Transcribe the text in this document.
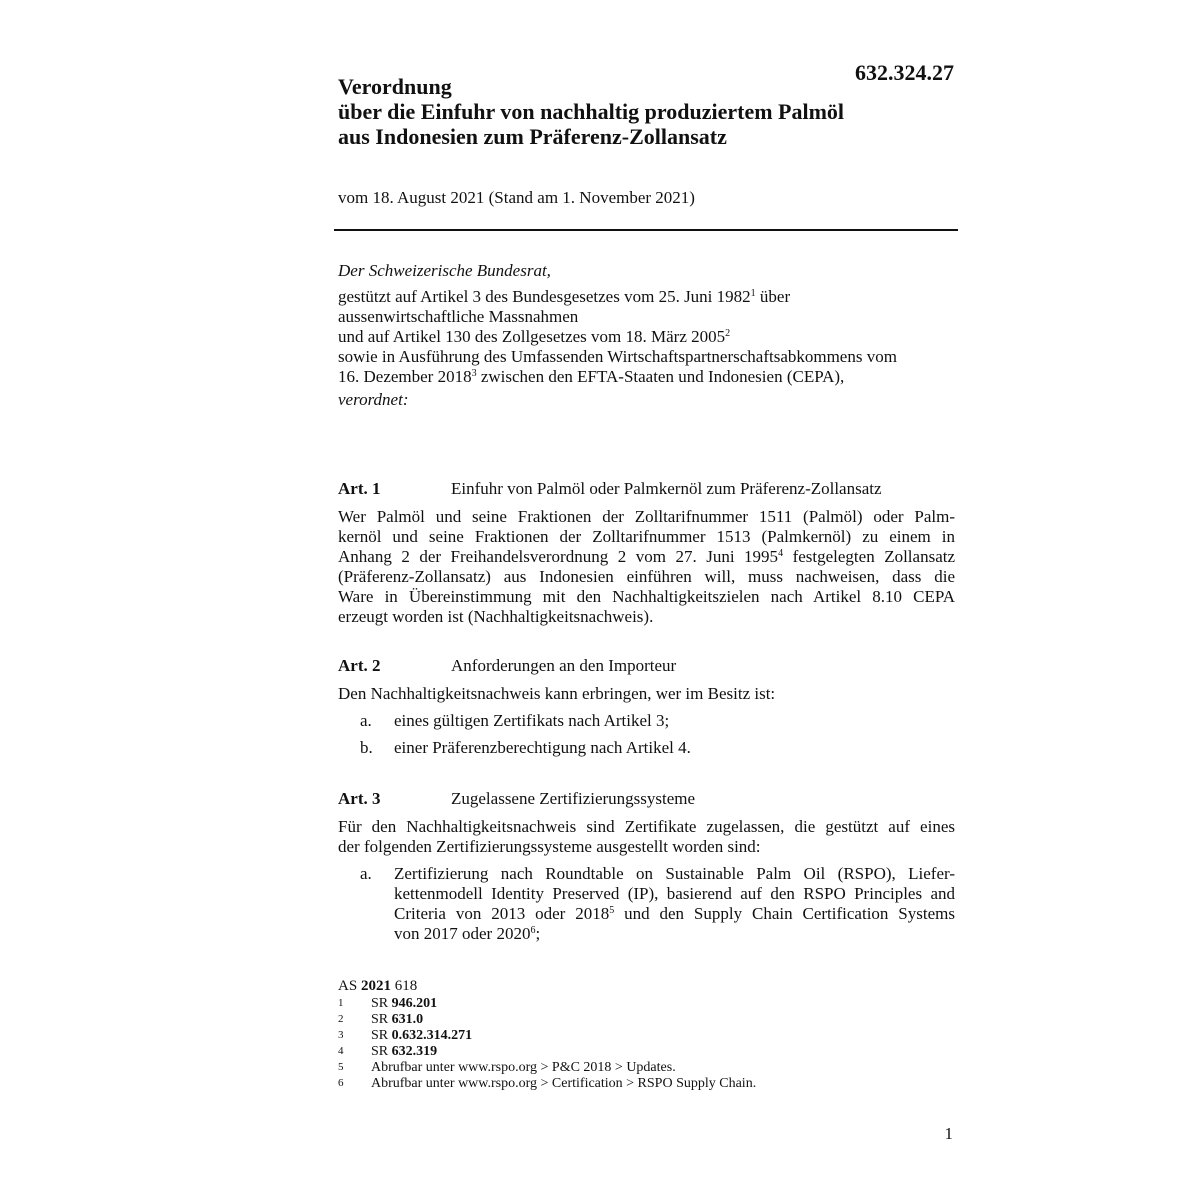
632.324.27
Verordnung
über die Einfuhr von nachhaltig produziertem Palmöl
aus Indonesien zum Präferenz-Zollansatz
vom 18. August 2021 (Stand am 1. November 2021)
Der Schweizerische Bundesrat,
gestützt auf Artikel 3 des Bundesgesetzes vom 25. Juni 1982$^1$ über
aussenwirtschaftliche Massnahmen
und auf Artikel 130 des Zollgesetzes vom 18. März 2005$^2$
sowie in Ausführung des Umfassenden Wirtschaftspartnerschaftsabkommens vom
16. Dezember 2018$^3$ zwischen den EFTA-Staaten und Indonesien (CEPA),
verordnet:
Art. 1	Einfuhr von Palmöl oder Palmkernöl zum Präferenz-Zollansatz
Wer Palmöl und seine Fraktionen der Zolltarifnummer 1511 (Palmöl) oder Palm-
kernöl und seine Fraktionen der Zolltarifnummer 1513 (Palmkernöl) zu einem in
Anhang 2 der Freihandelsverordnung 2 vom 27. Juni 1995$^4$ festgelegten Zollansatz
(Präferenz-Zollansatz) aus Indonesien einführen will, muss nachweisen, dass die
Ware in Übereinstimmung mit den Nachhaltigkeitszielen nach Artikel 8.10 CEPA
erzeugt worden ist (Nachhaltigkeitsnachweis).
Art. 2	Anforderungen an den Importeur
Den Nachhaltigkeitsnachweis kann erbringen, wer im Besitz ist:
a. eines gültigen Zertifikats nach Artikel 3;
b. einer Präferenzberechtigung nach Artikel 4.
Art. 3	Zugelassene Zertifizierungssysteme
Für den Nachhaltigkeitsnachweis sind Zertifikate zugelassen, die gestützt auf eines
der folgenden Zertifizierungssysteme ausgestellt worden sind:
a. Zertifizierung nach Roundtable on Sustainable Palm Oil (RSPO), Liefer-
kettenmodell Identity Preserved (IP), basierend auf den RSPO Principles and
Criteria von 2013 oder 2018$^5$ und den Supply Chain Certification Systems
von 2017 oder 2020$^6$;
AS 2021 618
1 SR 946.201
2 SR 631.0
3 SR 0.632.314.271
4 SR 632.319
5 Abrufbar unter www.rspo.org > P&C 2018 > Updates.
6 Abrufbar unter www.rspo.org > Certification > RSPO Supply Chain.
1
